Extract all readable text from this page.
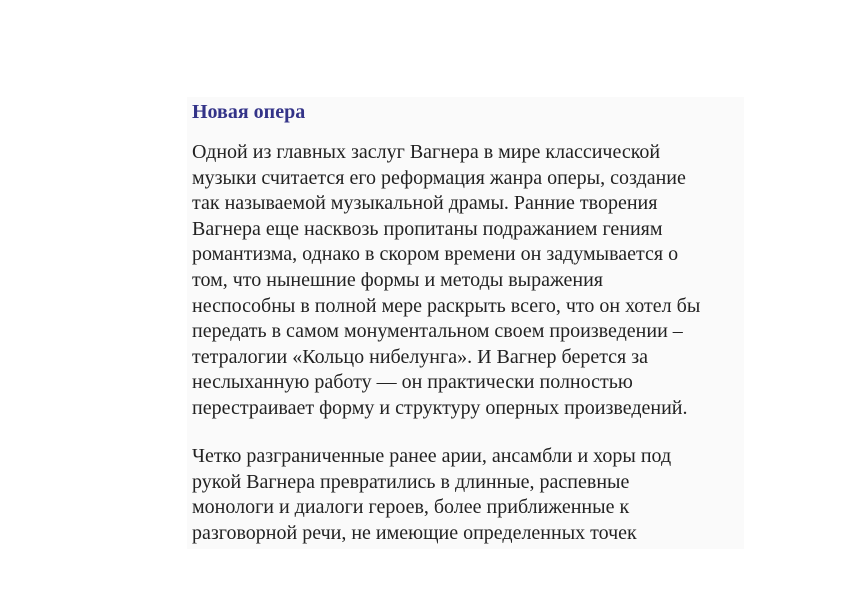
Новая опера

Одной из главных заслуг Вагнера в мире классической
музыки считается его реформация жанра оперы, создание
так называемой музыкальной драмы. Ранние творения
Вагнера еще насквозь пропитаны подражанием гениям
романтизма, однако в скором времени он задумывается о
том, что нынешние формы и методы выражения
неспособны в полной мере раскрыть всего, что он хотел бы
передать в самом монументальном своем произведении –
тетралогии «Кольцо нибелунга». И Вагнер берется за
неслыханную работу — он практически полностью
перестраивает форму и структуру оперных произведений.

Четко разграниченные ранее арии, ансамбли и хоры под
рукой Вагнера превратились в длинные, распевные
монологи и диалоги героев, более приближенные к
разговорной речи, не имеющие определенных точек
